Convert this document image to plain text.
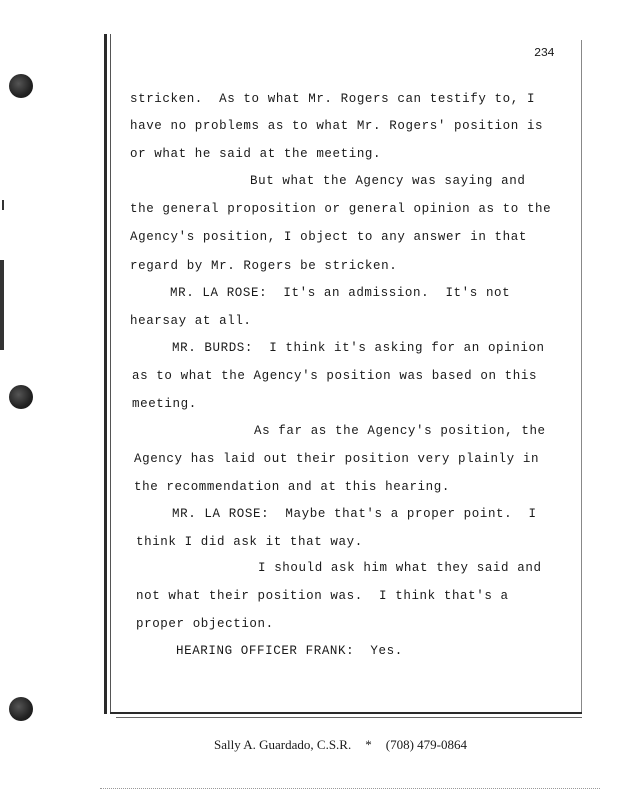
234
stricken.  As to what Mr. Rogers can testify to, I
have no problems as to what Mr. Rogers' position is
or what he said at the meeting.
But what the Agency was saying and
the general proposition or general opinion as to the
Agency's position, I object to any answer in that
regard by Mr. Rogers be stricken.
MR. LA ROSE:  It's an admission.  It's not
hearsay at all.
MR. BURDS:  I think it's asking for an opinion
as to what the Agency's position was based on this
meeting.
As far as the Agency's position, the
Agency has laid out their position very plainly in
the recommendation and at this hearing.
MR. LA ROSE:  Maybe that's a proper point.  I
think I did ask it that way.
I should ask him what they said and
not what their position was.  I think that's a
proper objection.
HEARING OFFICER FRANK:  Yes.
Sally A. Guardado, C.S.R. * (708) 479-0864
